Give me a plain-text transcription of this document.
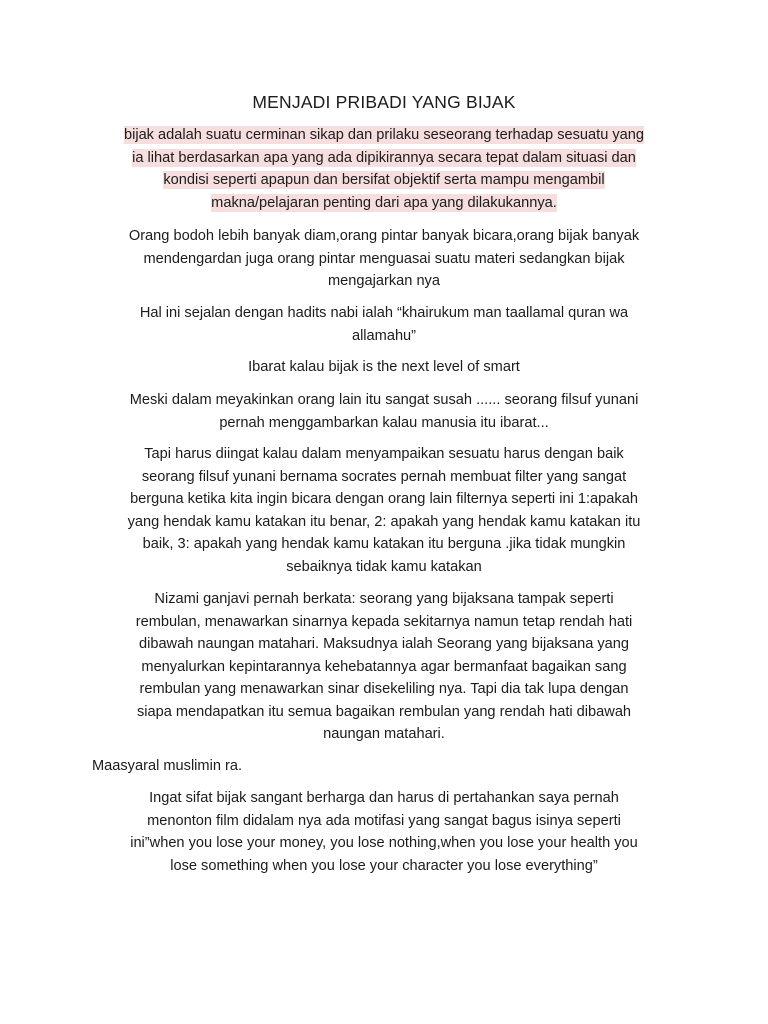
MENJADI PRIBADI YANG BIJAK
bijak adalah suatu cerminan sikap dan prilaku seseorang terhadap sesuatu yang
ia lihat berdasarkan apa yang ada dipikirannya secara tepat dalam situasi dan
kondisi seperti apapun dan bersifat objektif serta mampu mengambil
makna/pelajaran penting dari apa yang dilakukannya.
Orang bodoh lebih banyak diam,orang pintar banyak bicara,orang bijak banyak
mendengardan juga orang pintar menguasai suatu materi sedangkan bijak
mengajarkan nya
Hal ini sejalan dengan hadits nabi ialah “khairukum man taallamal quran wa
allamahu”
Ibarat kalau bijak is the next level of smart
Meski dalam meyakinkan orang lain itu sangat susah ...... seorang filsuf yunani
pernah menggambarkan kalau manusia itu ibarat...
Tapi harus diingat kalau dalam menyampaikan sesuatu harus dengan baik
seorang filsuf yunani bernama socrates pernah membuat filter yang sangat
berguna ketika kita ingin bicara dengan orang lain filternya seperti ini 1:apakah
yang hendak kamu katakan itu benar, 2: apakah yang hendak kamu katakan itu
baik, 3: apakah yang hendak kamu katakan itu berguna .jika tidak mungkin
sebaiknya tidak kamu katakan
Nizami ganjavi pernah berkata: seorang yang bijaksana tampak seperti
rembulan, menawarkan sinarnya kepada sekitarnya namun tetap rendah hati
dibawah naungan matahari. Maksudnya ialah Seorang yang bijaksana yang
menyalurkan kepintarannya kehebatannya agar bermanfaat bagaikan sang
rembulan yang menawarkan sinar disekeliling nya. Tapi dia tak lupa dengan
siapa mendapatkan itu semua bagaikan rembulan yang rendah hati dibawah
naungan matahari.
Maasyaral muslimin ra.
Ingat sifat bijak sangant berharga dan harus di pertahankan saya pernah
menonton film didalam nya ada motifasi yang sangat bagus isinya seperti
ini”when you lose your money, you lose nothing,when you lose your health you
lose something when you lose your character you lose everything”
